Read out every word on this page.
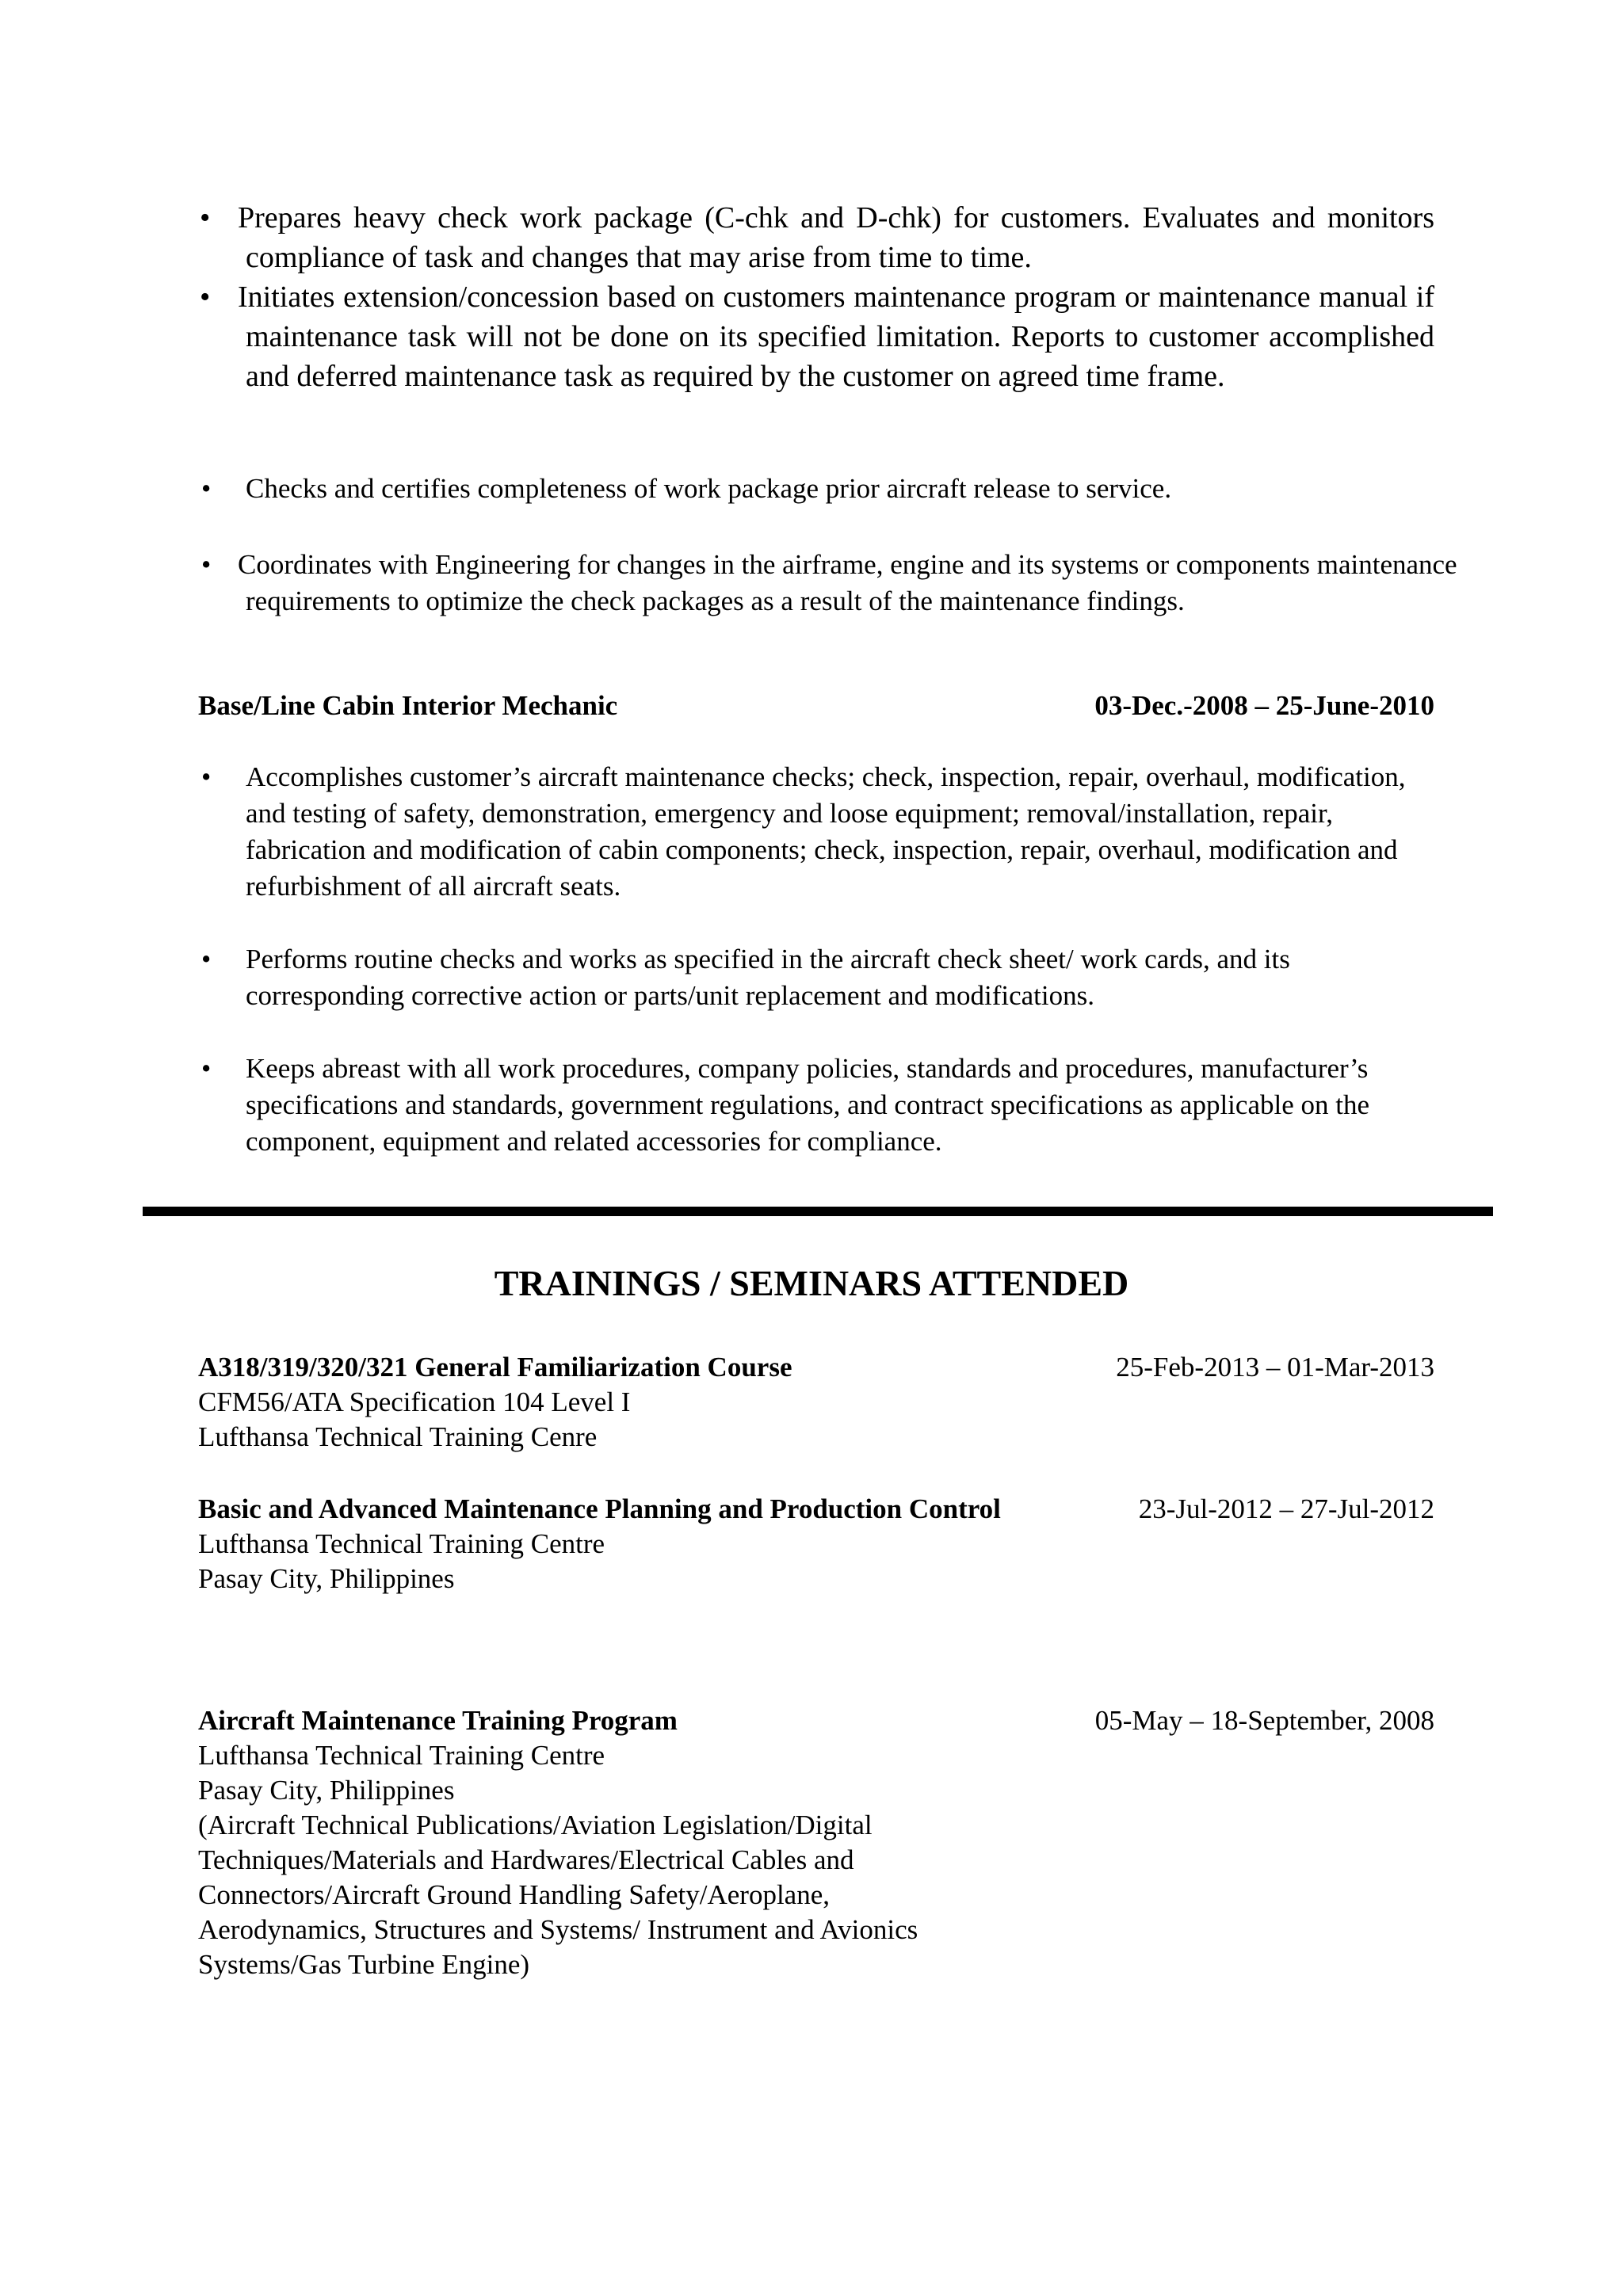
• Prepares heavy check work package (C-chk and D-chk) for customers. Evaluates and monitors compliance of task and changes that may arise from time to time.
• Initiates extension/concession based on customers maintenance program or maintenance manual if maintenance task will not be done on its specified limitation. Reports to customer accomplished and deferred maintenance task as required by the customer on agreed time frame.
• Checks and certifies completeness of work package prior aircraft release to service.
• Coordinates with Engineering for changes in the airframe, engine and its systems or components maintenance requirements to optimize the check packages as a result of the maintenance findings.
Base/Line Cabin Interior Mechanic	03-Dec.-2008 – 25-June-2010
• Accomplishes customer’s aircraft maintenance checks; check, inspection, repair, overhaul, modification, and testing of safety, demonstration, emergency and loose equipment; removal/installation, repair, fabrication and modification of cabin components; check, inspection, repair, overhaul, modification and refurbishment of all aircraft seats.
• Performs routine checks and works as specified in the aircraft check sheet/ work cards, and its corresponding corrective action or parts/unit replacement and modifications.
• Keeps abreast with all work procedures, company policies, standards and procedures, manufacturer’s specifications and standards, government regulations, and contract specifications as applicable on the component, equipment and related accessories for compliance.
TRAININGS / SEMINARS ATTENDED
A318/319/320/321 General Familiarization Course	25-Feb-2013 – 01-Mar-2013
CFM56/ATA Specification 104 Level I
Lufthansa Technical Training Cenre
Basic and Advanced Maintenance Planning and Production Control	23-Jul-2012 – 27-Jul-2012
Lufthansa Technical Training Centre
Pasay City, Philippines
Aircraft Maintenance Training Program	05-May – 18-September, 2008
Lufthansa Technical Training Centre
Pasay City, Philippines
(Aircraft Technical Publications/Aviation Legislation/Digital Techniques/Materials and Hardwares/Electrical Cables and Connectors/Aircraft Ground Handling Safety/Aeroplane, Aerodynamics, Structures and Systems/ Instrument and Avionics Systems/Gas Turbine Engine)
